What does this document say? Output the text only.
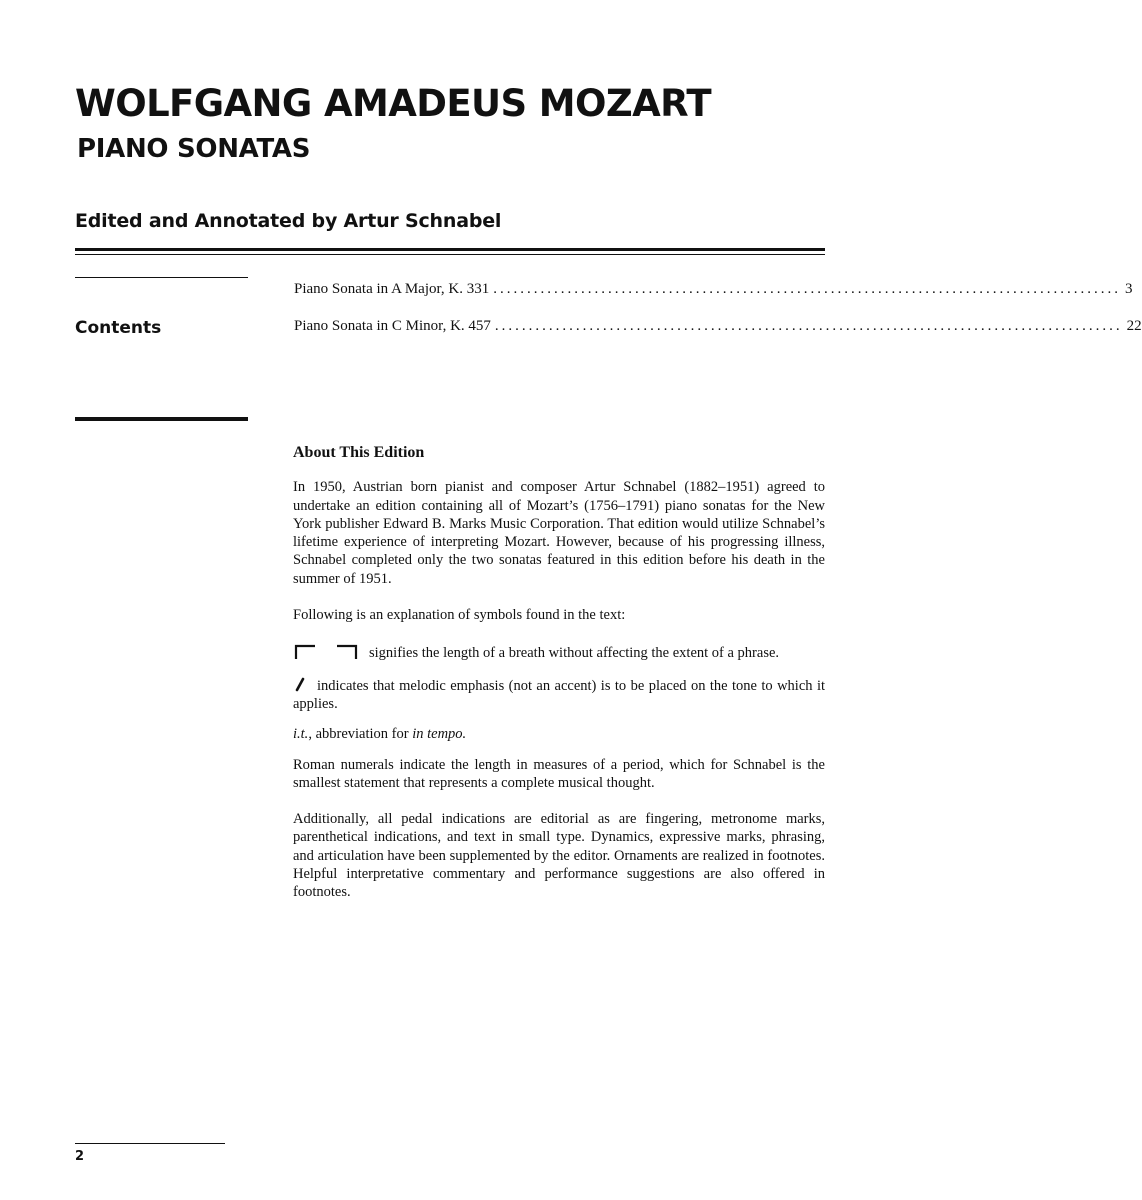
WOLFGANG AMADEUS MOZART
PIANO SONATAS
Edited and Annotated by Artur Schnabel
Contents
Piano Sonata in A Major, K. 331 ............................................................................................. 3
Piano Sonata in C Minor, K. 457 ............................................................................................. 22
About This Edition

In 1950, Austrian born pianist and composer Artur Schnabel (1882–1951) agreed to undertake an edition containing all of Mozart’s (1756–1791) piano sonatas for the New York publisher Edward B. Marks Music Corporation. That edition would utilize Schnabel’s lifetime experience of interpreting Mozart. However, because of his progressing illness, Schnabel completed only the two sonatas featured in this edition before his death in the summer of 1951.

Following is an explanation of symbols found in the text:

signifies the length of a breath without affecting the extent of a phrase.

indicates that melodic emphasis (not an accent) is to be placed on the tone to which it applies.

i.t., abbreviation for in tempo.

Roman numerals indicate the length in measures of a period, which for Schnabel is the smallest statement that represents a complete musical thought.

Additionally, all pedal indications are editorial as are fingering, metronome marks, parenthetical indications, and text in small type. Dynamics, expressive marks, phrasing, and articulation have been supplemented by the editor. Ornaments are realized in footnotes. Helpful interpretative commentary and performance suggestions are also offered in footnotes.

2
